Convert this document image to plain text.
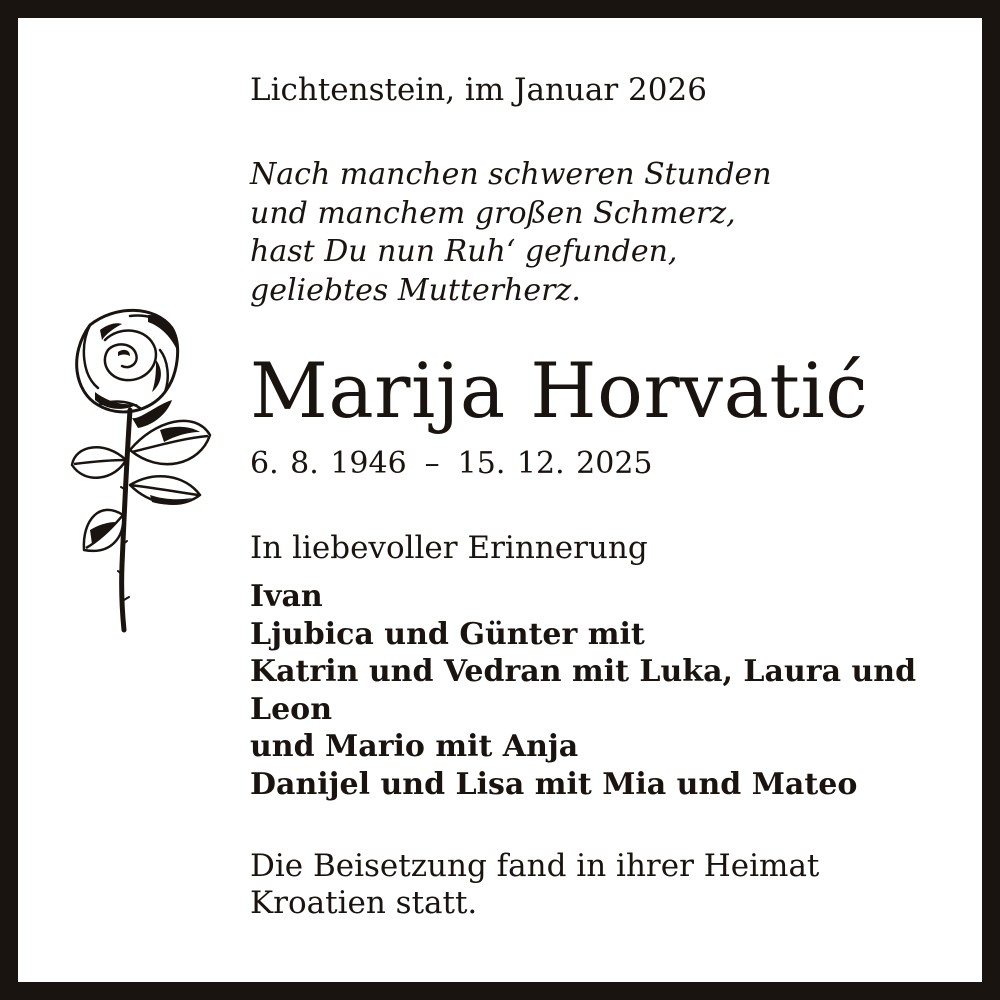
Lichtenstein, im Januar 2026

Nach manchen schweren Stunden
und manchem großen Schmerz,
hast Du nun Ruh‘ gefunden,
geliebtes Mutterherz.
Marija Horvatić

6. 8. 1946 – 15. 12. 2025

In liebevoller Erinnerung

Ivan
Ljubica und Günter mit
Katrin und Vedran mit Luka, Laura und
Leon
und Mario mit Anja
Danijel und Lisa mit Mia und Mateo
Die Beisetzung fand in ihrer Heimat
Kroatien statt.
